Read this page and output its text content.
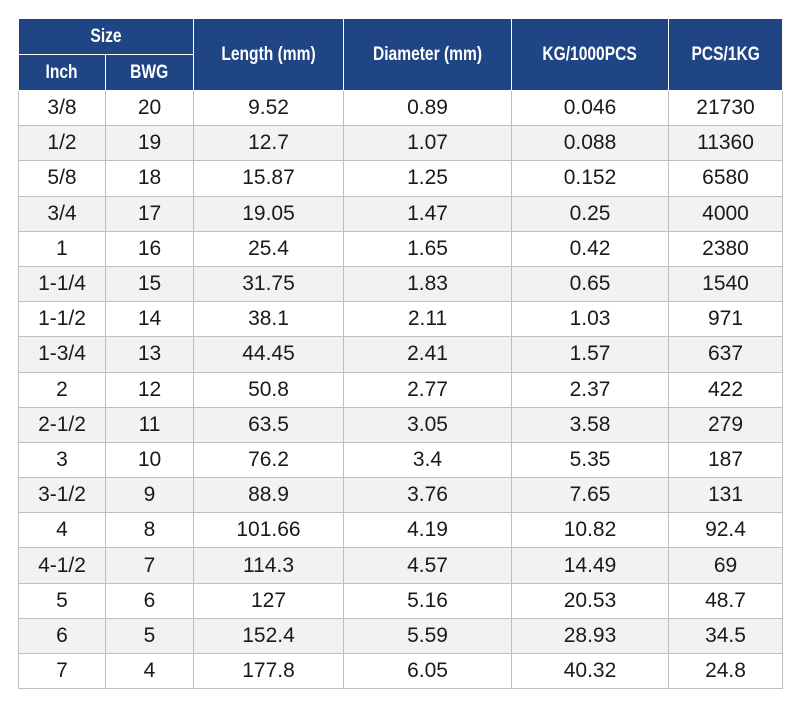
Size		Length (mm)	Diameter (mm)	KG/1000PCS	PCS/1KG
Inch	BWG				
3/8	20	9.52	0.89	0.046	21730
1/2	19	12.7	1.07	0.088	11360
5/8	18	15.87	1.25	0.152	6580
3/4	17	19.05	1.47	0.25	4000
1	16	25.4	1.65	0.42	2380
1-1/4	15	31.75	1.83	0.65	1540
1-1/2	14	38.1	2.11	1.03	971
1-3/4	13	44.45	2.41	1.57	637
2	12	50.8	2.77	2.37	422
2-1/2	11	63.5	3.05	3.58	279
3	10	76.2	3.4	5.35	187
3-1/2	9	88.9	3.76	7.65	131
4	8	101.66	4.19	10.82	92.4
4-1/2	7	114.3	4.57	14.49	69
5	6	127	5.16	20.53	48.7
6	5	152.4	5.59	28.93	34.5
7	4	177.8	6.05	40.32	24.8
